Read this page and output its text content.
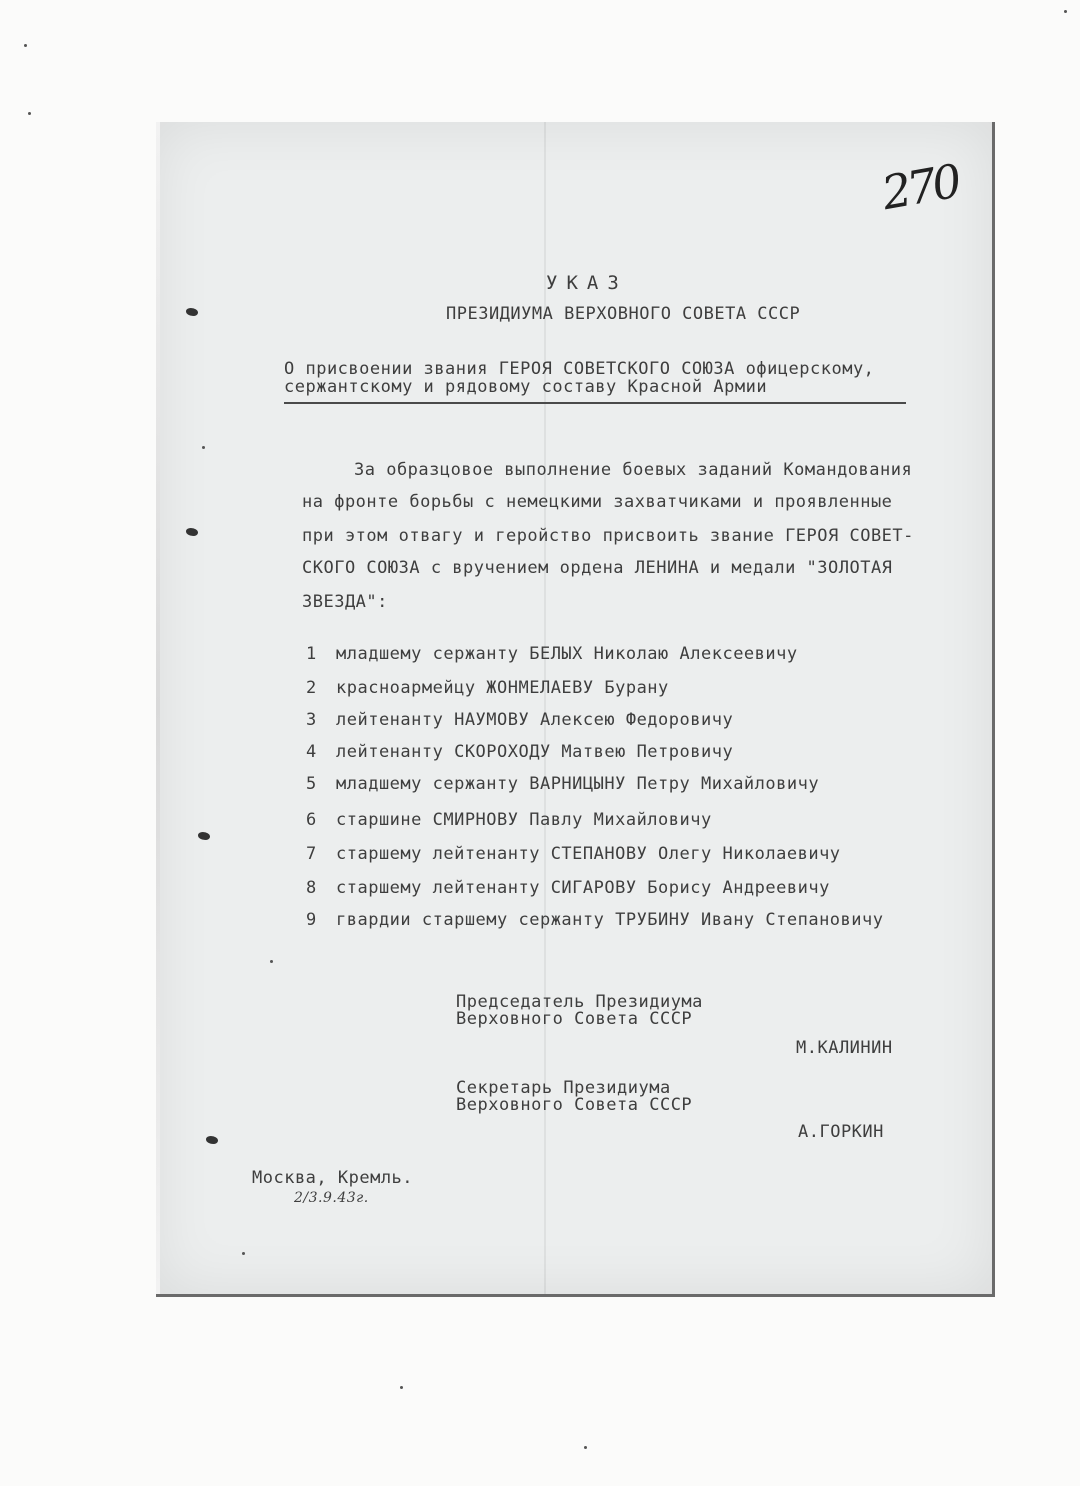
270
УКАЗ
ПРЕЗИДИУМА ВЕРХОВНОГО СОВЕТА СССР
О присвоении звания ГЕРОЯ СОВЕТСКОГО СОЮЗА офицерскому,
сержантскому и рядовому составу Красной Армии
За образцовое выполнение боевых заданий Командования
на фронте борьбы с немецкими захватчиками и проявленные
при этом отвагу и геройство присвоить звание ГЕРОЯ СОВЕТ-
СКОГО СОЮЗА с вручением ордена ЛЕНИНА и медали "ЗОЛОТАЯ
ЗВЕЗДА":
1 младшему сержанту БЕЛЫХ Николаю Алексеевичу
2 красноармейцу ЖОНМЕЛАЕВУ Бурану
3 лейтенанту НАУМОВУ Алексею Федоровичу
4 лейтенанту СКОРОХОДУ Матвею Петровичу
5 младшему сержанту ВАРНИЦЫНУ Петру Михайловичу
6 старшине СМИРНОВУ Павлу Михайловичу
7 старшему лейтенанту СТЕПАНОВУ Олегу Николаевичу
8 старшему лейтенанту СИГАРОВУ Борису Андреевичу
9 гвардии старшему сержанту ТРУБИНУ Ивану Степановичу
Председатель Президиума
Верховного Совета СССР
М.КАЛИНИН
Секретарь Президиума
Верховного Совета СССР
А.ГОРКИН
Москва, Кремль.
2/3.9.43г.
